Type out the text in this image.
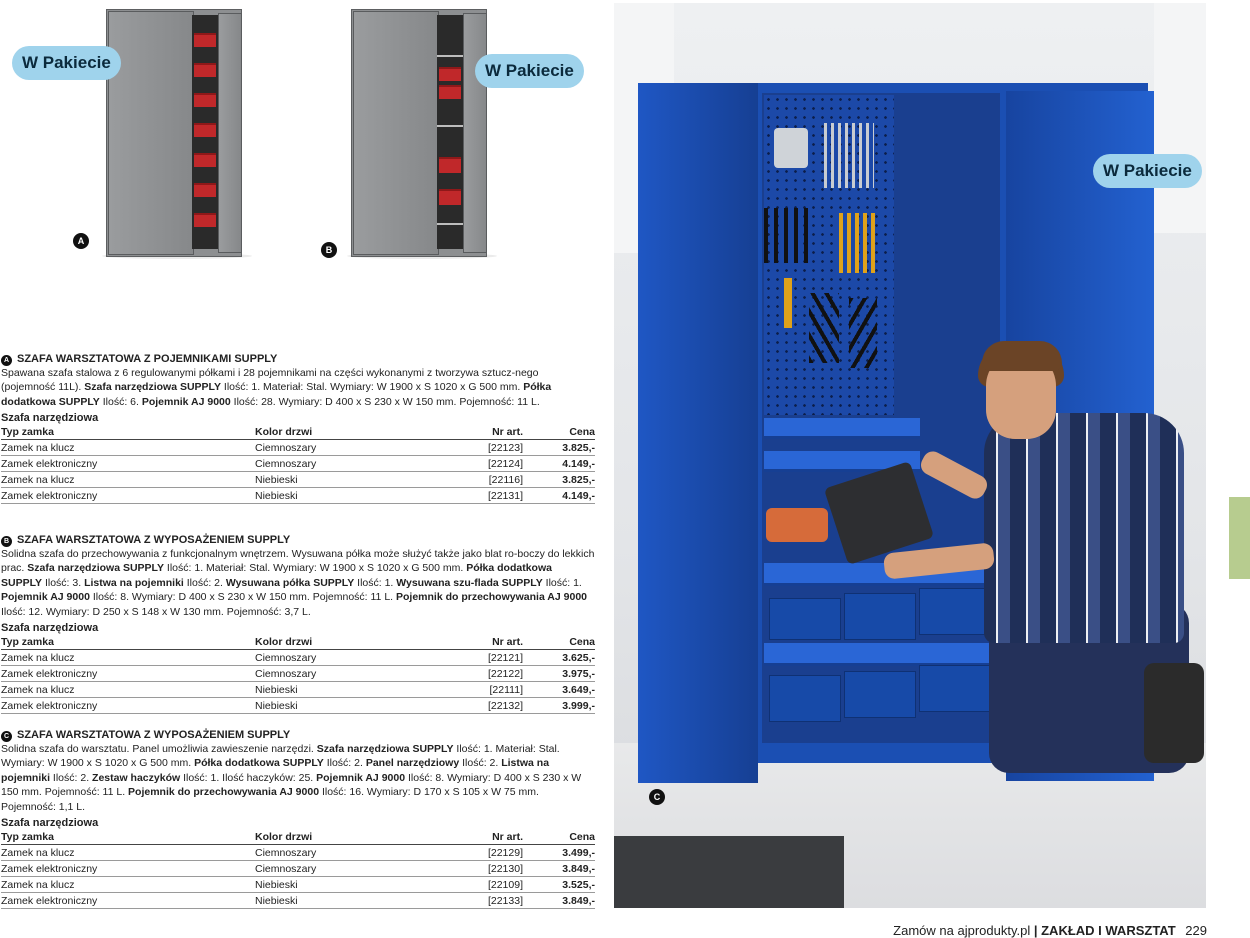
W Pakiecie
A
W Pakiecie
B
A SZAFA WARSZTATOWA Z POJEMNIKAMI SUPPLY

Spawana szafa stalowa z 6 regulowanymi półkami i 28 pojemnikami na części wykonanymi z tworzywa sztucz-nego (pojemność 11L). Szafa narzędziowa SUPPLY Ilość: 1. Materiał: Stal. Wymiary: W 1900 x S 1020 x G 500 mm. Półka dodatkowa SUPPLY Ilość: 6. Pojemnik AJ 9000 Ilość: 28. Wymiary: D 400 x S 230 x W 150 mm. Pojemność: 11 L.

Szafa narzędziowa
Typ zamka	Kolor drzwi	Nr art.	Cena
Zamek na klucz	Ciemnoszary	[22123]	3.825,-
Zamek elektroniczny	Ciemnoszary	[22124]	4.149,-
Zamek na klucz	Niebieski	[22116]	3.825,-
Zamek elektroniczny	Niebieski	[22131]	4.149,-
B SZAFA WARSZTATOWA Z WYPOSAŻENIEM SUPPLY

Solidna szafa do przechowywania z funkcjonalnym wnętrzem. Wysuwana półka może służyć także jako blat ro-boczy do lekkich prac. Szafa narzędziowa SUPPLY Ilość: 1. Materiał: Stal. Wymiary: W 1900 x S 1020 x G 500 mm. Półka dodatkowa SUPPLY Ilość: 3. Listwa na pojemniki Ilość: 2. Wysuwana półka SUPPLY Ilość: 1. Wysuwana szu-flada SUPPLY Ilość: 1. Pojemnik AJ 9000 Ilość: 8. Wymiary: D 400 x S 230 x W 150 mm. Pojemność: 11 L. Pojemnik do przechowywania AJ 9000 Ilość: 12. Wymiary: D 250 x S 148 x W 130 mm. Pojemność: 3,7 L.

Szafa narzędziowa
Typ zamka	Kolor drzwi	Nr art.	Cena
Zamek na klucz	Ciemnoszary	[22121]	3.625,-
Zamek elektroniczny	Ciemnoszary	[22122]	3.975,-
Zamek na klucz	Niebieski	[22111]	3.649,-
Zamek elektroniczny	Niebieski	[22132]	3.999,-
C SZAFA WARSZTATOWA Z WYPOSAŻENIEM SUPPLY

Solidna szafa do warsztatu. Panel umożliwia zawieszenie narzędzi. Szafa narzędziowa SUPPLY Ilość: 1. Materiał: Stal. Wymiary: W 1900 x S 1020 x G 500 mm. Półka dodatkowa SUPPLY Ilość: 2. Panel narzędziowy Ilość: 2. Listwa na pojemniki Ilość: 2. Zestaw haczyków Ilość: 1. Ilość haczyków: 25. Pojemnik AJ 9000 Ilość: 8. Wymiary: D 400 x S 230 x W 150 mm. Pojemność: 11 L. Pojemnik do przechowywania AJ 9000 Ilość: 16. Wymiary: D 170 x S 105 x W 75 mm. Pojemność: 1,1 L.

Szafa narzędziowa
Typ zamka	Kolor drzwi	Nr art.	Cena
Zamek na klucz	Ciemnoszary	[22129]	3.499,-
Zamek elektroniczny	Ciemnoszary	[22130]	3.849,-
Zamek na klucz	Niebieski	[22109]	3.525,-
Zamek elektroniczny	Niebieski	[22133]	3.849,-
W Pakiecie
C
Zamów na ajprodukty.pl | ZAKŁAD I WARSZTAT 229
